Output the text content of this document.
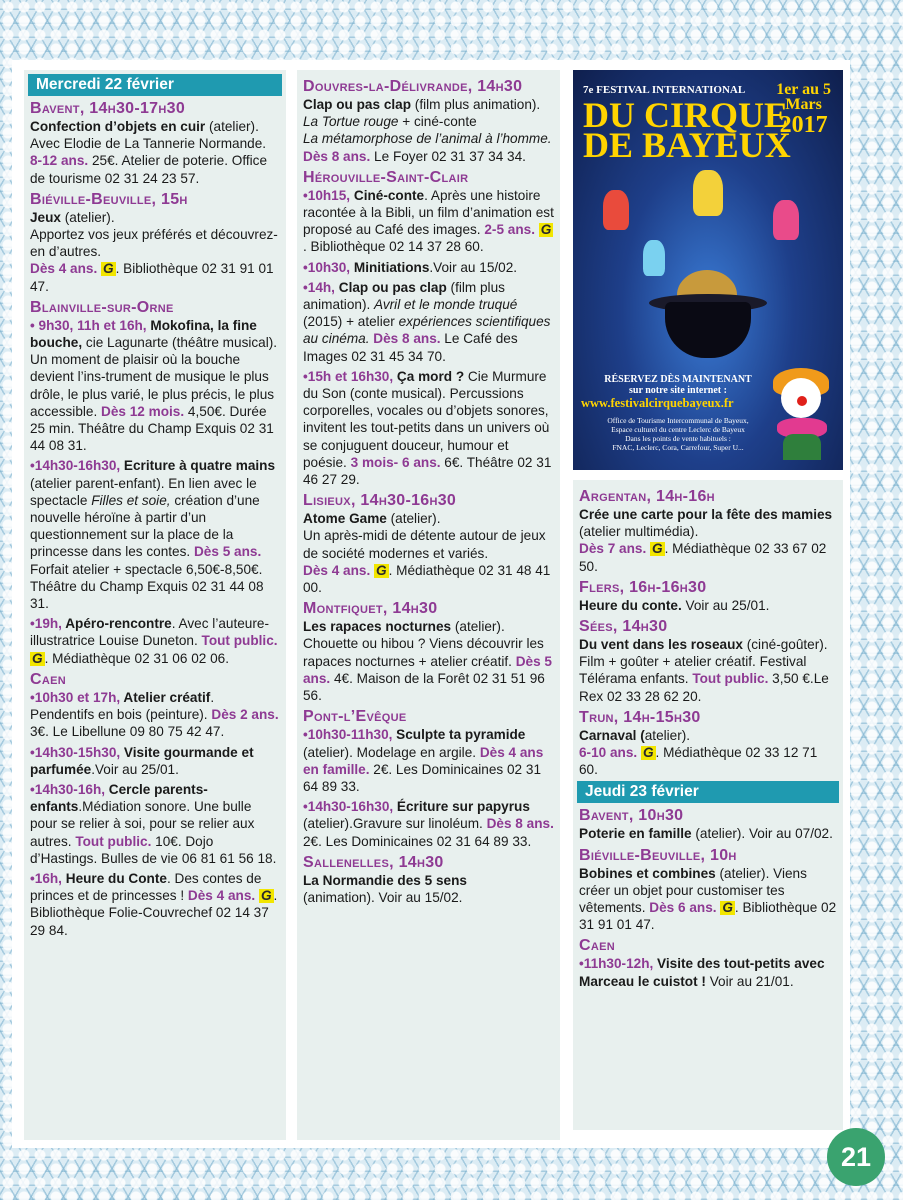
Mercredi 22 février
Bavent, 14h30-17h30
Confection d’objets en cuir (atelier). Avec Elodie de La Tannerie Normande. 8-12 ans. 25€. Atelier de poterie. Office de tourisme 02 31 24 23 57.
Biéville-Beuville, 15h
Jeux (atelier).
Apportez vos jeux préférés et découvrez-en d’autres.
Dès 4 ans. G . Bibliothèque 02 31 91 01 47.
Blainville-sur-Orne
• 9h30, 11h et 16h, Mokofina, la fine bouche, cie Lagunarte (théâtre musical). Un moment de plaisir où la bouche devient l’ins-trument de musique le plus drôle, le plus varié, le plus précis, le plus accessible. Dès 12 mois. 4,50€. Durée 25 min. Théâtre du Champ Exquis 02 31 44 08 31.
•14h30-16h30, Ecriture à quatre mains (atelier parent-enfant). En lien avec le spectacle Filles et soie, création d’une nouvelle héroïne à partir d’un questionnement sur la place de la princesse dans les contes. Dès 5 ans. Forfait atelier + spectacle 6,50€-8,50€. Théâtre du Champ Exquis 02 31 44 08 31.
•19h, Apéro-rencontre. Avec l’auteure-illustratrice Louise Duneton. Tout public. G . Médiathèque 02 31 06 02 06.
Caen
•10h30 et 17h, Atelier créatif. Pendentifs en bois (peinture). Dès 2 ans. 3€. Le Libellune 09 80 75 42 47.
•14h30-15h30, Visite gourmande et parfumée.Voir au 25/01.
•14h30-16h, Cercle parents-enfants.Médiation sonore. Une bulle pour se relier à soi, pour se relier aux autres. Tout public. 10€. Dojo d’Hastings. Bulles de vie 06 81 61 56 18.
•16h, Heure du Conte. Des contes de princes et de princesses ! Dès 4 ans. G . Bibliothèque Folie-Couvrechef 02 14 37 29 84.
Douvres-la-Délivrande, 14h30
Clap ou pas clap (film plus animation).
La Tortue rouge + ciné-conte
La métamorphose de l’animal à l’homme.
Dès 8 ans. Le Foyer 02 31 37 34 34.
Hérouville-Saint-Clair
•10h15, Ciné-conte. Après une histoire racontée à la Bibli, un film d’animation est proposé au Café des images. 2-5 ans. G. Bibliothèque 02 14 37 28 60.
•10h30, Minitiations.Voir au 15/02.
•14h, Clap ou pas clap (film plus animation). Avril et le monde truqué (2015) + atelier expériences scientifiques au cinéma. Dès 8 ans. Le Café des Images 02 31 45 34 70.
•15h et 16h30, Ça mord ? Cie Murmure du Son (conte musical). Percussions corporelles, vocales ou d’objets sonores, invitent les tout-petits dans un univers où se conjuguent douceur, humour et poésie. 3 mois- 6 ans. 6€. Théâtre 02 31 46 27 29.
Lisieux, 14h30-16h30
Atome Game (atelier).
Un après-midi de détente autour de jeux de société modernes et variés.
Dès 4 ans. G . Médiathèque 02 31 48 41 00.
Montfiquet, 14h30
Les rapaces nocturnes (atelier). Chouette ou hibou ? Viens découvrir les rapaces nocturnes + atelier créatif. Dès 5 ans. 4€. Maison de la Forêt 02 31 51 96 56.
Pont-l’Evêque
•10h30-11h30, Sculpte ta pyramide (atelier). Modelage en argile. Dès 4 ans en famille. 2€. Les Dominicaines 02 31 64 89 33.
•14h30-16h30, Écriture sur papyrus (atelier).Gravure sur linoléum. Dès 8 ans. 2€. Les Dominicaines 02 31 64 89 33.
Sallenelles, 14h30
La Normandie des 5 sens
(animation). Voir au 15/02.
7e FESTIVAL INTERNATIONAL 1er au 5
Mars
2017
DU CIRQUE
DE BAYEUX
RÉSERVEZ DÈS MAINTENANT
sur notre site internet :
www.festivalcirquebayeux.fr
Office de Tourisme Intercommunal de Bayeux,
Espace culturel du centre Leclerc de Bayeux
Dans les points de vente habituels :
FNAC, Leclerc, Cora, Carrefour, Super U...
Argentan, 14h-16h
Crée une carte pour la fête des mamies (atelier multimédia).
Dès 7 ans. G . Médiathèque 02 33 67 02 50.
Flers, 16h-16h30
Heure du conte. Voir au 25/01.
Sées, 14h30
Du vent dans les roseaux (ciné-goûter). Film + goûter + atelier créatif. Festival Télérama enfants. Tout public. 3,50 €.Le Rex 02 33 28 62 20.
Trun, 14h-15h30
Carnaval (atelier).
6-10 ans. G . Médiathèque 02 33 12 71 60.
Jeudi 23 février
Bavent, 10h30
Poterie en famille (atelier). Voir au 07/02.
Biéville-Beuville, 10h
Bobines et combines (atelier). Viens créer un objet pour customiser tes vêtements. Dès 6 ans. G . Bibliothèque 02 31 91 01 47.
Caen
•11h30-12h, Visite des tout-petits avec Marceau le cuistot ! Voir au 21/01.
21
